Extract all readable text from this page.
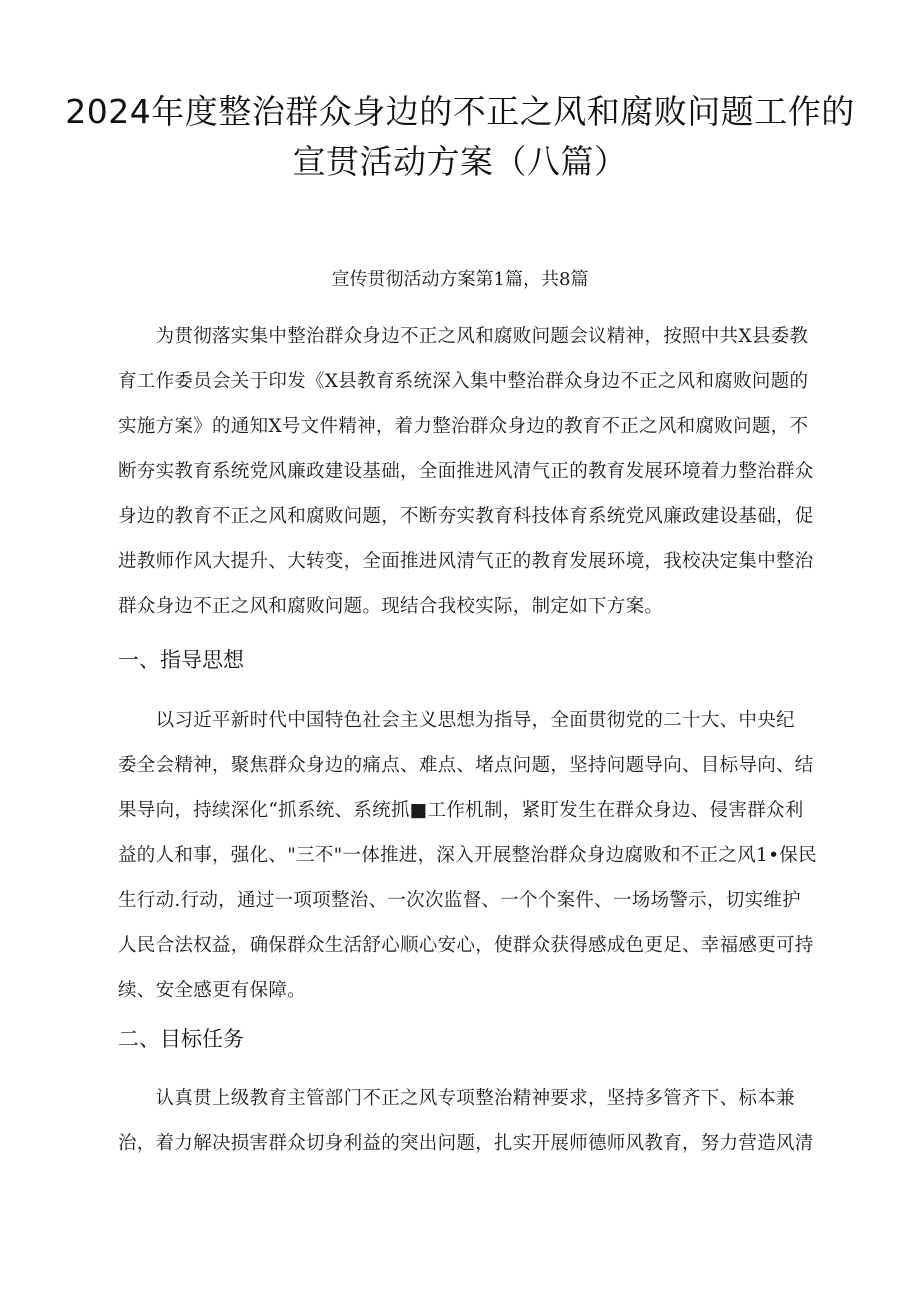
2024年度整治群众身边的不正之风和腐败问题工作的
宣贯活动方案（八篇）
宣传贯彻活动方案第1篇，共8篇
　　为贯彻落实集中整治群众身边不正之风和腐败问题会议精神，按照中共X县委教
育工作委员会关于印发《X县教育系统深入集中整治群众身边不正之风和腐败问题的
实施方案》的通知X号文件精神，着力整治群众身边的教育不正之风和腐败问题，不
断夯实教育系统党风廉政建设基础，全面推进风清气正的教育发展环境着力整治群众
身边的教育不正之风和腐败问题，不断夯实教育科技体育系统党风廉政建设基础，促
进教师作风大提升、大转变，全面推进风清气正的教育发展环境，我校决定集中整治
群众身边不正之风和腐败问题。现结合我校实际，制定如下方案。
一、指导思想
　　以习近平新时代中国特色社会主义思想为指导，全面贯彻党的二十大、中央纪
委全会精神，聚焦群众身边的痛点、难点、堵点问题，坚持问题导向、目标导向、结
果导向，持续深化“抓系统、系统抓■工作机制，紧盯发生在群众身边、侵害群众利
益的人和事，强化、"三不"一体推进，深入开展整治群众身边腐败和不正之风1•保民
生行动.行动，通过一项项整治、一次次监督、一个个案件、一场场警示，切实维护
人民合法权益，确保群众生活舒心顺心安心，使群众获得感成色更足、幸福感更可持
续、安全感更有保障。
二、目标任务
　　认真贯上级教育主管部门不正之风专项整治精神要求，坚持多管齐下、标本兼
治，着力解决损害群众切身利益的突出问题，扎实开展师德师风教育，努力营造风清
